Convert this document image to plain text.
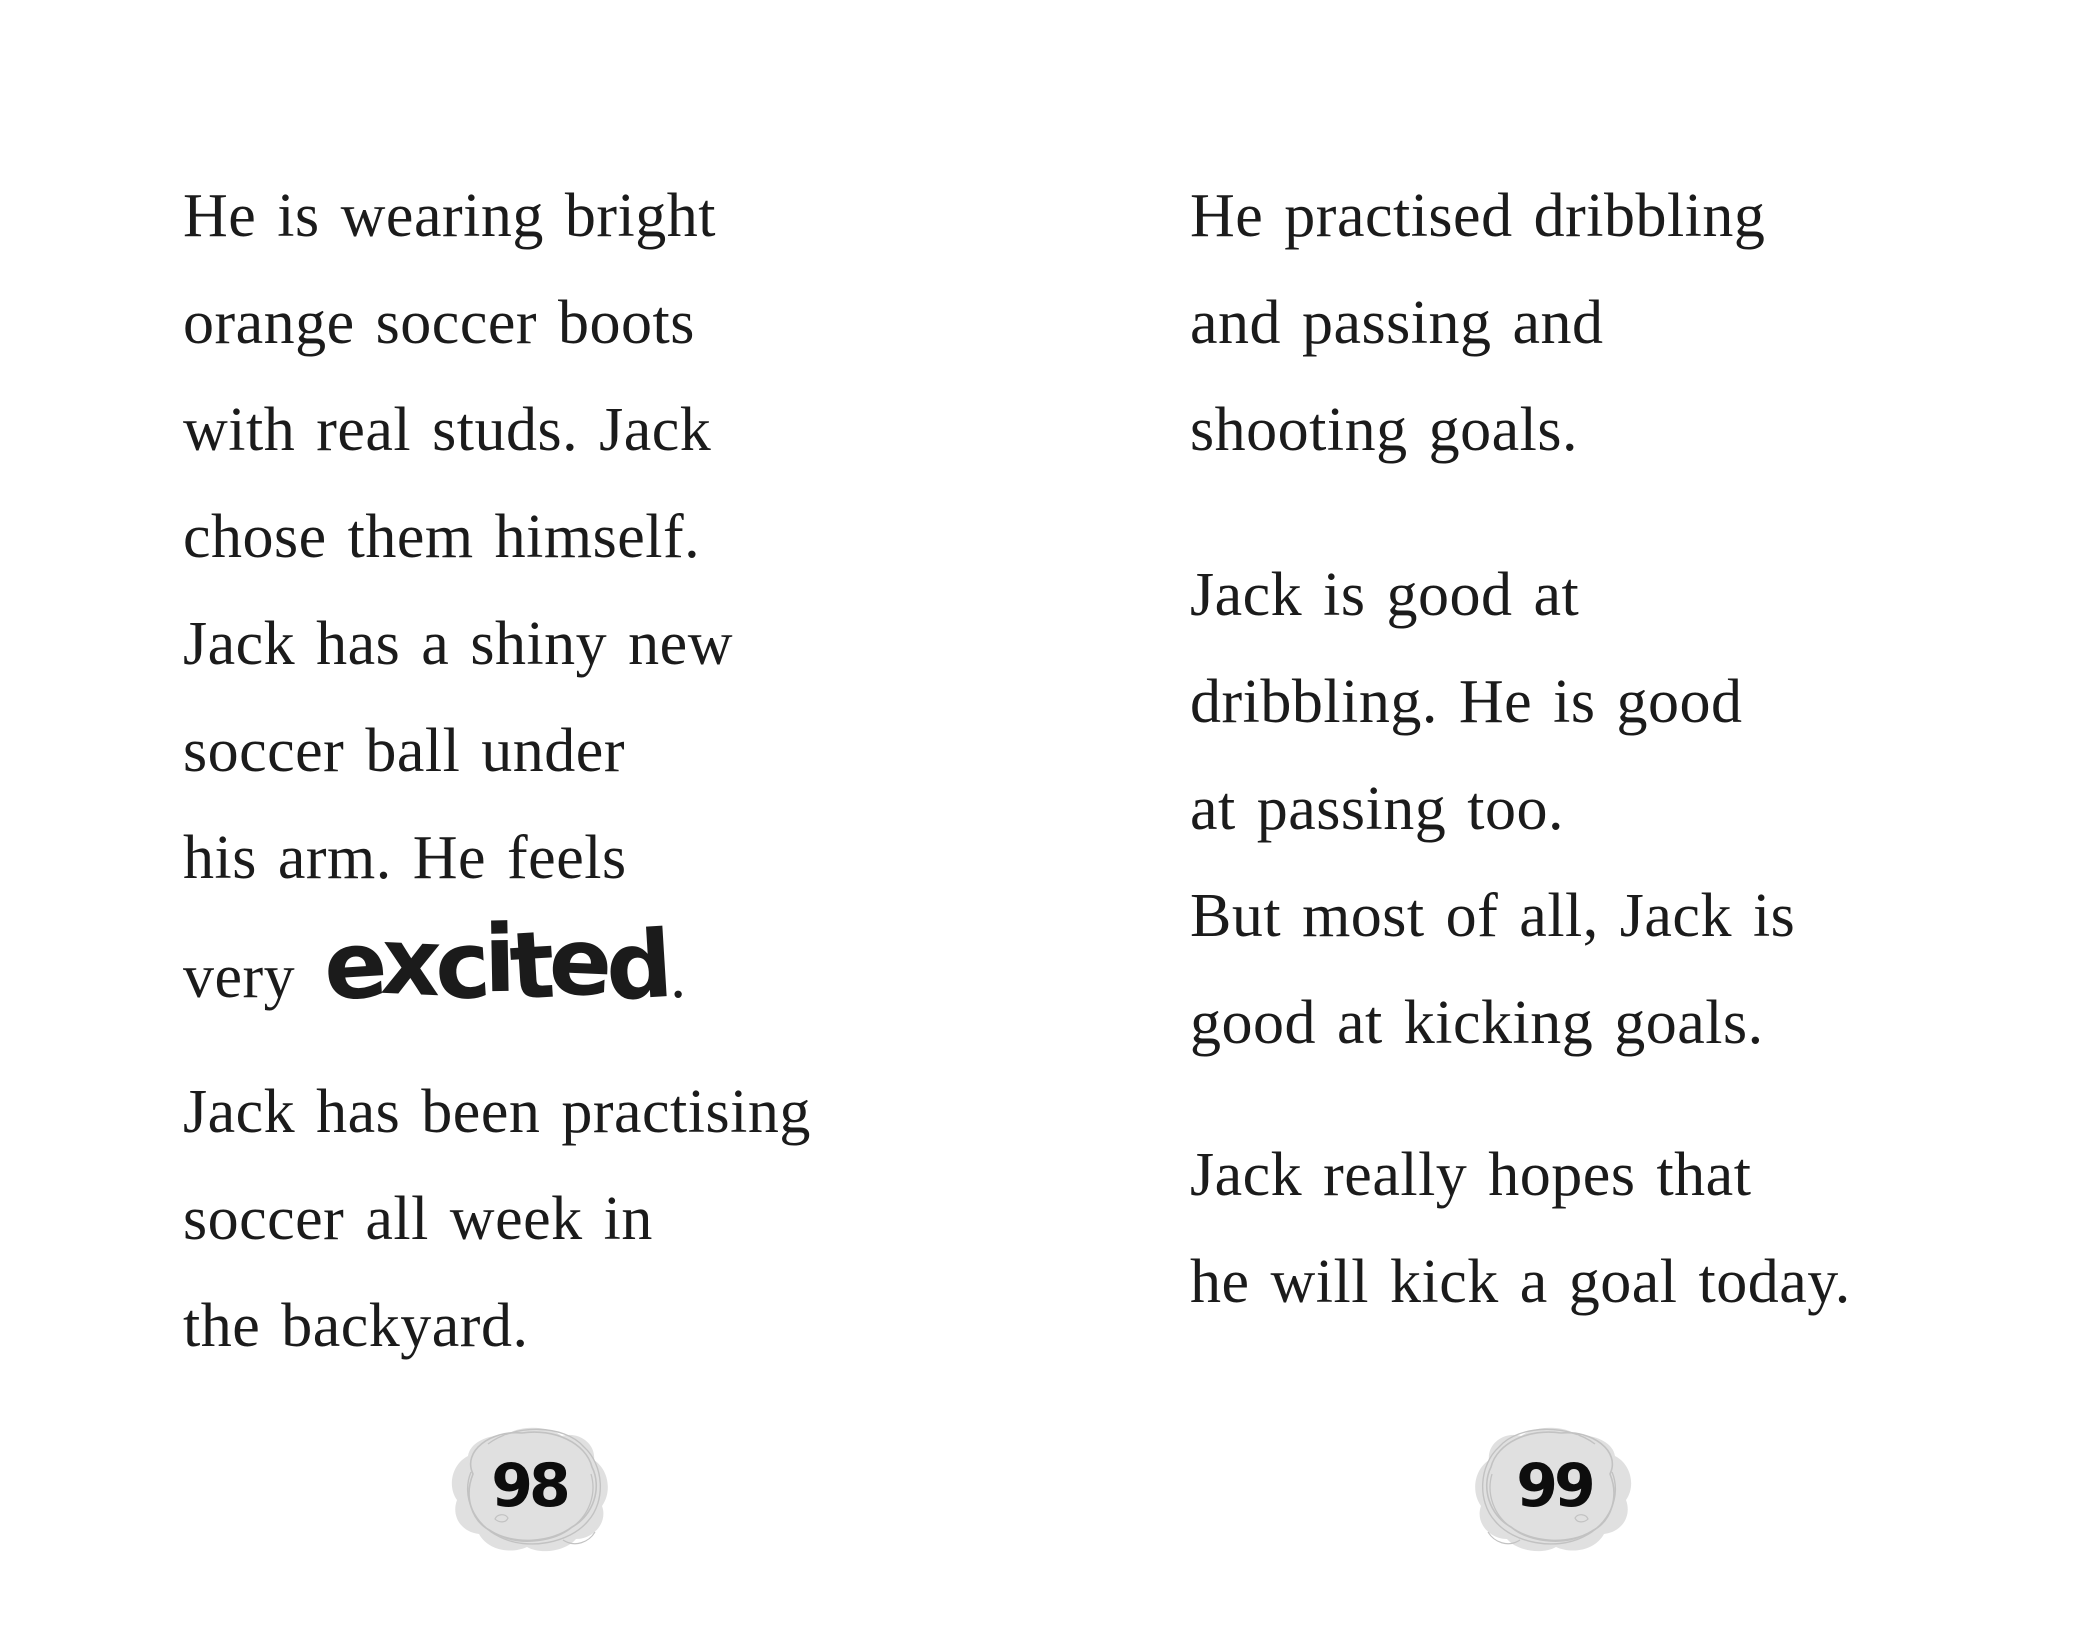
He is wearing bright
orange soccer boots
with real studs. Jack
chose them himself.
Jack has a shiny new
soccer ball under
his arm. He feels
very excited.
Jack has been practising
soccer all week in
the backyard.
He practised dribbling
and passing and
shooting goals.
Jack is good at
dribbling. He is good
at passing too.
But most of all, Jack is
good at kicking goals.
Jack really hopes that
he will kick a goal today.
98	99
